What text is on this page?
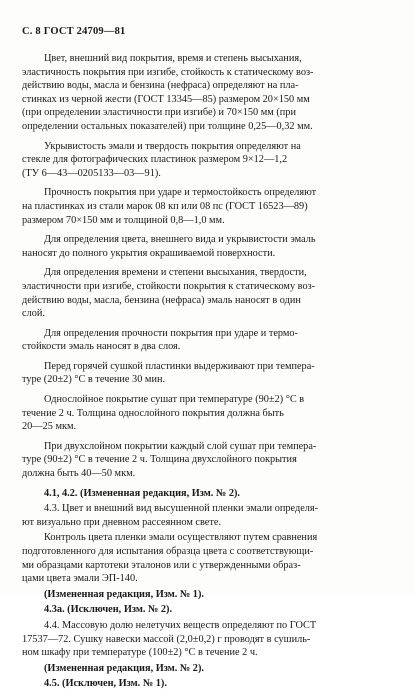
С. 8 ГОСТ 24709—81
Цвет, внешний вид покрытия, время и степень высыхания,
эластичность покрытия при изгибе, стойкость к статическому воз-
действию воды, масла и бензина (нефраса) определяют на пла-
стинках из черной жести (ГОСТ 13345—85) размером 20×150 мм
(при определении эластичности при изгибе) и 70×150 мм (при
определении остальных показателей) при толщине 0,25—0,32 мм.
Укрывистость эмали и твердость покрытия определяют на
стекле для фотографических пластинок размером 9×12—1,2
(ТУ 6—43—0205133—03—91).
Прочность покрытия при ударе и термостойкость определяют
на пластинках из стали марок 08 кп или 08 пс (ГОСТ 16523—89)
размером 70×150 мм и толщиной 0,8—1,0 мм.
Для определения цвета, внешнего вида и укрывистости эмаль
наносят до полного укрытия окрашиваемой поверхности.
Для определения времени и степени высыхания, твердости,
эластичности при изгибе, стойкости покрытия к статическому воз-
действию воды, масла, бензина (нефраса) эмаль наносят в один
слой.
Для определения прочности покрытия при ударе и термо-
стойкости эмаль наносят в два слоя.
Перед горячей сушкой пластинки выдерживают при темпера-
туре (20±2) °С в течение 30 мин.
Однослойное покрытие сушат при температуре (90±2) °С в
течение 2 ч. Толщина однослойного покрытия должна быть
20—25 мкм.
При двухслойном покрытии каждый слой сушат при темпера-
туре (90±2) °С в течение 2 ч. Толщина двухслойного покрытия
должна быть 40—50 мкм.
4.1, 4.2. (Измененная редакция, Изм. № 2).
4.3. Цвет и внешний вид высушенной пленки эмали определя-
ют визуально при дневном рассеянном свете.
Контроль цвета пленки эмали осуществляют путем сравнения
подготовленного для испытания образца цвета с соответствующи-
ми образцами картотеки эталонов или с утвержденными образ-
цами цвета эмали ЭП-140.
(Измененная редакция, Изм. № 1).
4.3а. (Исключен, Изм. № 2).
4.4. Массовую долю нелетучих веществ определяют по ГОСТ
17537—72. Сушку навески массой (2,0±0,2) г проводят в сушиль-
ном шкафу при температуре (100±2) °С в течение 2 ч.
(Измененная редакция, Изм. № 2).
4.5. (Исключен, Изм. № 1).
